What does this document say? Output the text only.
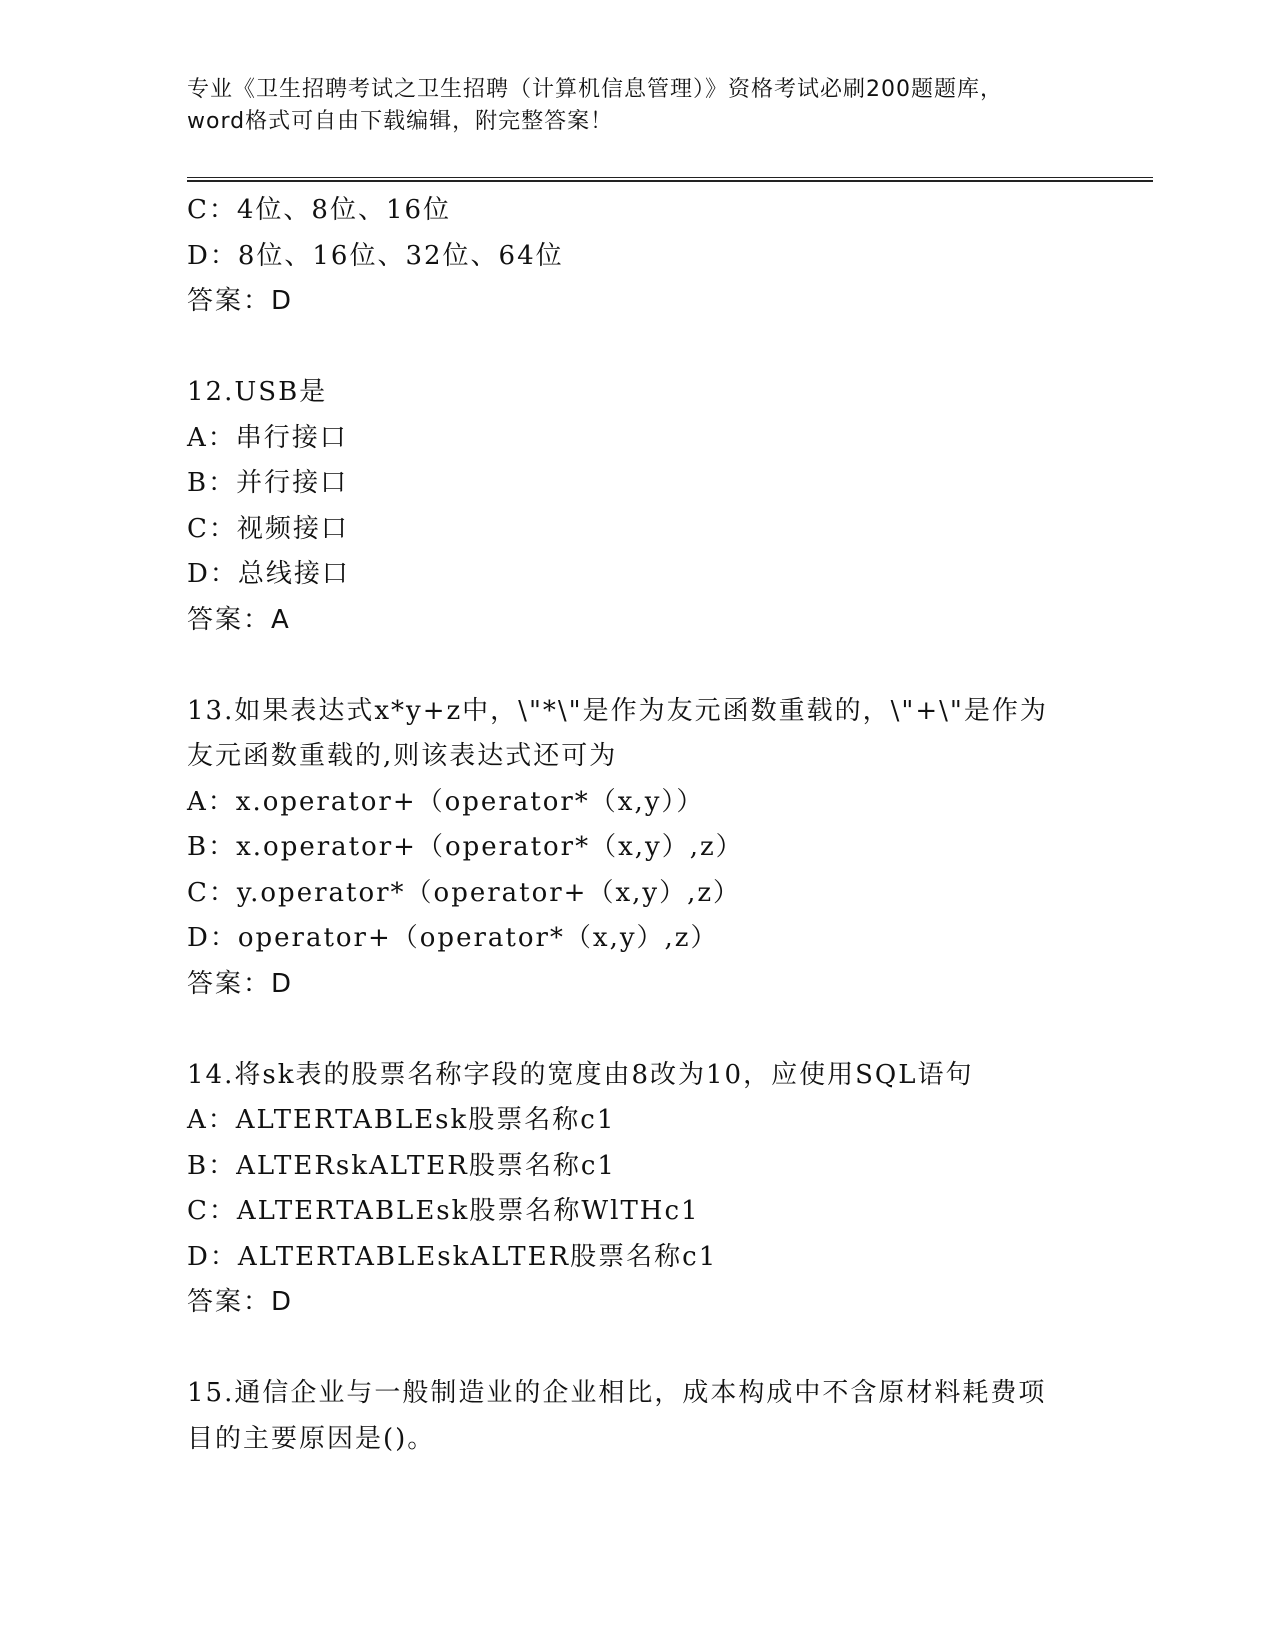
专业《卫生招聘考试之卫生招聘（计算机信息管理）》资格考试必刷200题题库，
word格式可自由下载编辑，附完整答案！
C：4位、8位、16位
D：8位、16位、32位、64位
答案：D
12.USB是
A：串行接口
B：并行接口
C：视频接口
D：总线接口
答案：A
13.如果表达式x*y+z中，\"*\"是作为友元函数重载的，\"+\"是作为
友元函数重载的,则该表达式还可为
A：x.operator+（operator*（x,y））
B：x.operator+（operator*（x,y）,z）
C：y.operator*（operator+（x,y）,z）
D：operator+（operator*（x,y）,z）
答案：D
14.将sk表的股票名称字段的宽度由8改为10，应使用SQL语句
A：ALTERTABLEsk股票名称c1
B：ALTERskALTER股票名称c1
C：ALTERTABLEsk股票名称WlTHc1
D：ALTERTABLEskALTER股票名称c1
答案：D
15.通信企业与一般制造业的企业相比，成本构成中不含原材料耗费项
目的主要原因是()。
